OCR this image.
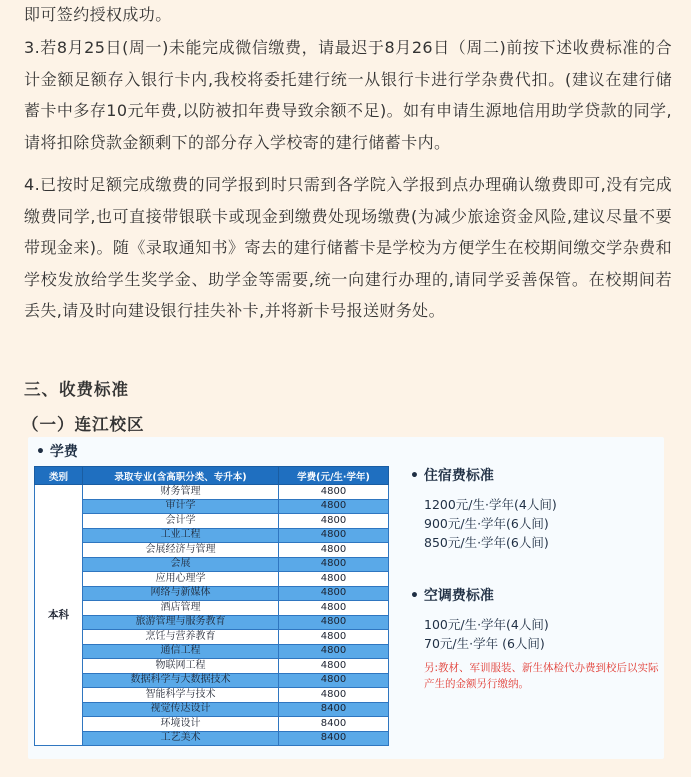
即可签约授权成功。
3.若8月25日(周一)未能完成微信缴费，请最迟于8月26日（周二)前按下述收费标准的合计金额足额存入银行卡内,我校将委托建行统一从银行卡进行学杂费代扣。(建议在建行储蓄卡中多存10元年费,以防被扣年费导致余额不足)。如有申请生源地信用助学贷款的同学,请将扣除贷款金额剩下的部分存入学校寄的建行储蓄卡内。
4.已按时足额完成缴费的同学报到时只需到各学院入学报到点办理确认缴费即可,没有完成缴费同学,也可直接带银联卡或现金到缴费处现场缴费(为减少旅途资金风险,建议尽量不要带现金来)。随《录取通知书》寄去的建行储蓄卡是学校为方便学生在校期间缴交学杂费和学校发放给学生奖学金、助学金等需要,统一向建行办理的,请同学妥善保管。在校期间若丢失,请及时向建设银行挂失补卡,并将新卡号报送财务处。
三、收费标准
（一）连江校区
• 学费
类别	录取专业(含高职分类、专升本)	学费(元/生·学年)
本科	财务管理	4800
	审计学	4800
	会计学	4800
	工业工程	4800
	会展经济与管理	4800
	会展	4800
	应用心理学	4800
	网络与新媒体	4800
	酒店管理	4800
	旅游管理与服务教育	4800
	烹饪与营养教育	4800
	通信工程	4800
	物联网工程	4800
	数据科学与大数据技术	4800
	智能科学与技术	4800
	视觉传达设计	8400
	环境设计	8400
	工艺美术	8400
• 住宿费标准
1200元/生·学年(4人间)
900元/生·学年(6人间)
850元/生·学年(6人间)
• 空调费标准
100元/生·学年(4人间)
70元/生·学年 (6人间)
另:教材、军训服装、新生体检代办费到校后以实际产生的金额另行缴纳。
